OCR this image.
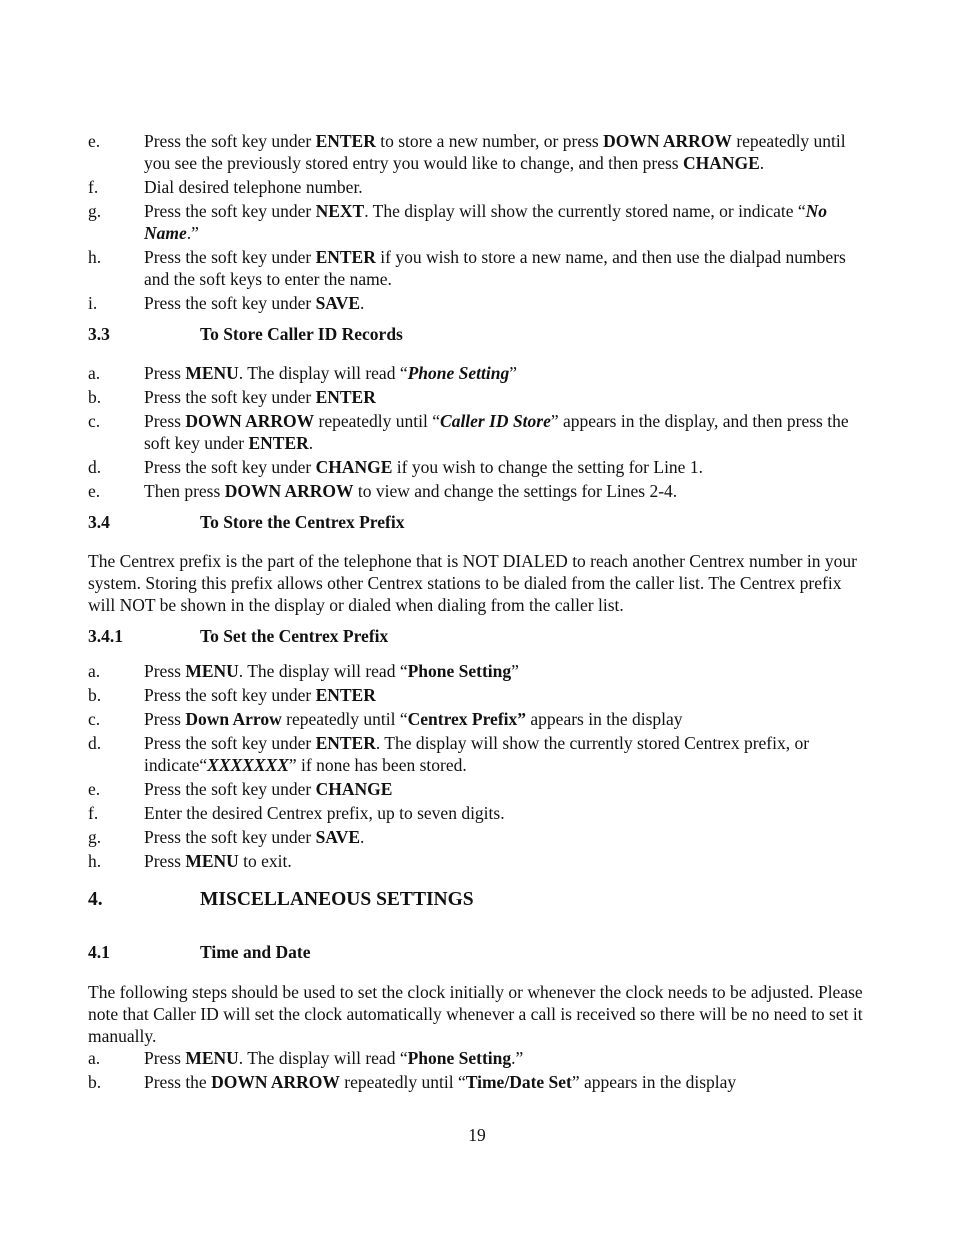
e.	Press the soft key under ENTER to store a new number, or press DOWN ARROW repeatedly until you see the previously stored entry you would like to change, and then press CHANGE.
f.	Dial desired telephone number.
g.	Press the soft key under NEXT. The display will show the currently stored name, or indicate “No Name.”
h.	Press the soft key under ENTER if you wish to store a new name, and then use the dialpad numbers and the soft keys to enter the name.
i.	Press the soft key under SAVE.
3.3	To Store Caller ID Records
a.	Press MENU. The display will read “Phone Setting”
b.	Press the soft key under ENTER
c.	Press DOWN ARROW repeatedly until “Caller ID Store” appears in the display, and then press the soft key under ENTER.
d.	Press the soft key under CHANGE if you wish to change the setting for Line 1.
e.	Then press DOWN ARROW to view and change the settings for Lines 2-4.
3.4	To Store the Centrex Prefix
The Centrex prefix is the part of the telephone that is NOT DIALED to reach another Centrex number in your system. Storing this prefix allows other Centrex stations to be dialed from the caller list. The Centrex prefix will NOT be shown in the display or dialed when dialing from the caller list.
3.4.1	To Set the Centrex Prefix
a.	Press MENU. The display will read “Phone Setting”
b.	Press the soft key under ENTER
c.	Press Down Arrow repeatedly until “Centrex Prefix” appears in the display
d.	Press the soft key under ENTER. The display will show the currently stored Centrex prefix, or indicate“XXXXXXX” if none has been stored.
e.	Press the soft key under CHANGE
f.	Enter the desired Centrex prefix, up to seven digits.
g.	Press the soft key under SAVE.
h.	Press MENU to exit.
4.	MISCELLANEOUS SETTINGS
4.1	Time and Date
The following steps should be used to set the clock initially or whenever the clock needs to be adjusted. Please note that Caller ID will set the clock automatically whenever a call is received so there will be no need to set it manually.
a.	Press MENU. The display will read “Phone Setting.”
b.	Press the DOWN ARROW repeatedly until “Time/Date Set” appears in the display
19
